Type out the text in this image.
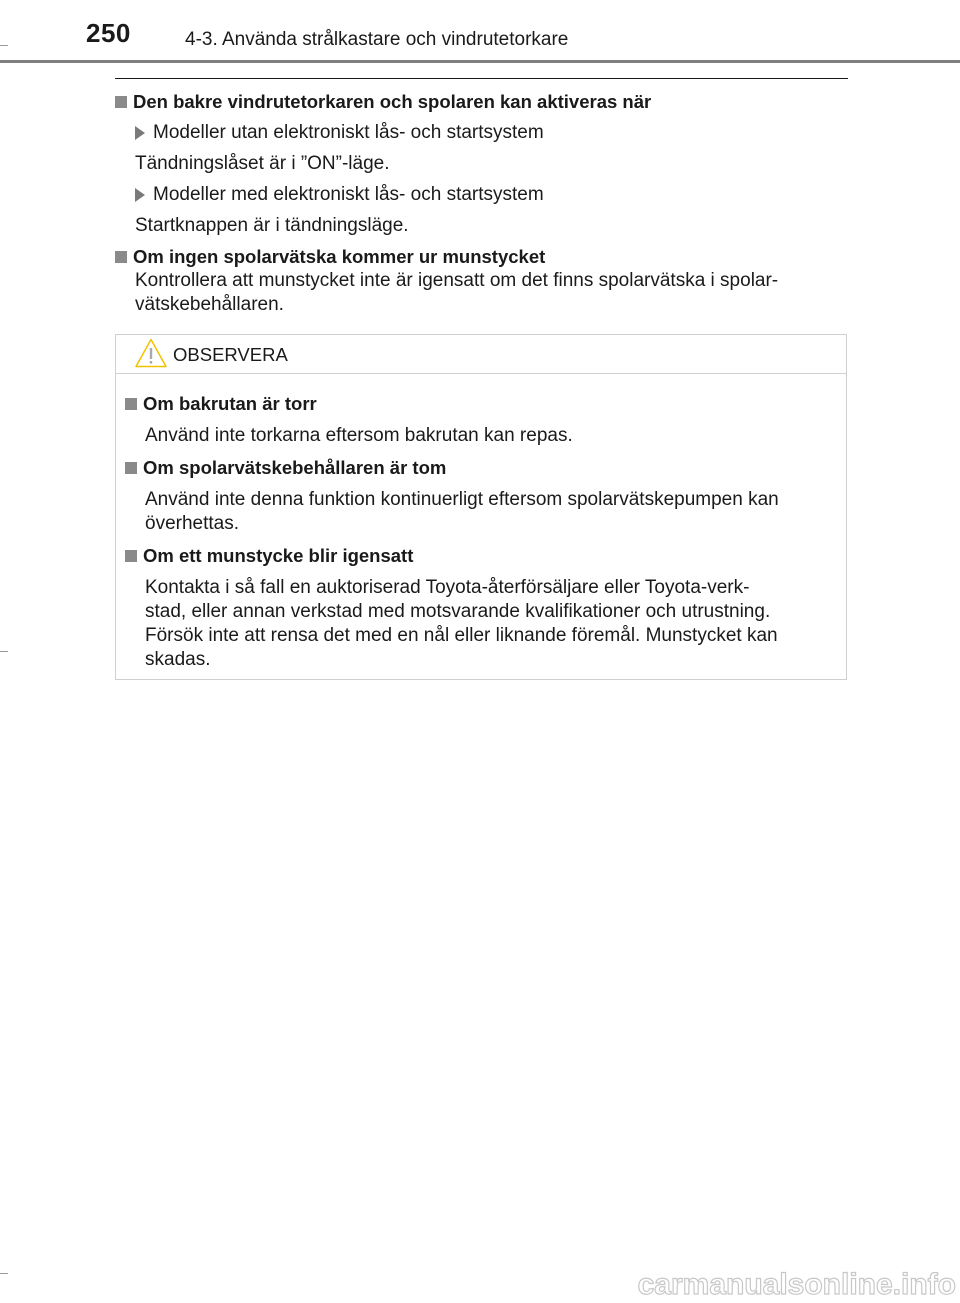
250	4-3. Använda strålkastare och vindrutetorkare

Den bakre vindrutetorkaren och spolaren kan aktiveras när

Modeller utan elektroniskt lås- och startsystem

Tändningslåset är i ”ON”-läge.

Modeller med elektroniskt lås- och startsystem

Startknappen är i tändningsläge.

Om ingen spolarvätska kommer ur munstycket

Kontrollera att munstycket inte är igensatt om det finns spolarvätska i spolar-

vätskebehållaren.

OBSERVERA

Om bakrutan är torr

Använd inte torkarna eftersom bakrutan kan repas.

Om spolarvätskebehållaren är tom

Använd inte denna funktion kontinuerligt eftersom spolarvätskepumpen kan

överhettas.

Om ett munstycke blir igensatt

Kontakta i så fall en auktoriserad Toyota-återförsäljare eller Toyota-verk-

stad, eller annan verkstad med motsvarande kvalifikationer och utrustning.

Försök inte att rensa det med en nål eller liknande föremål. Munstycket kan

skadas.

carmanualsonline.info
